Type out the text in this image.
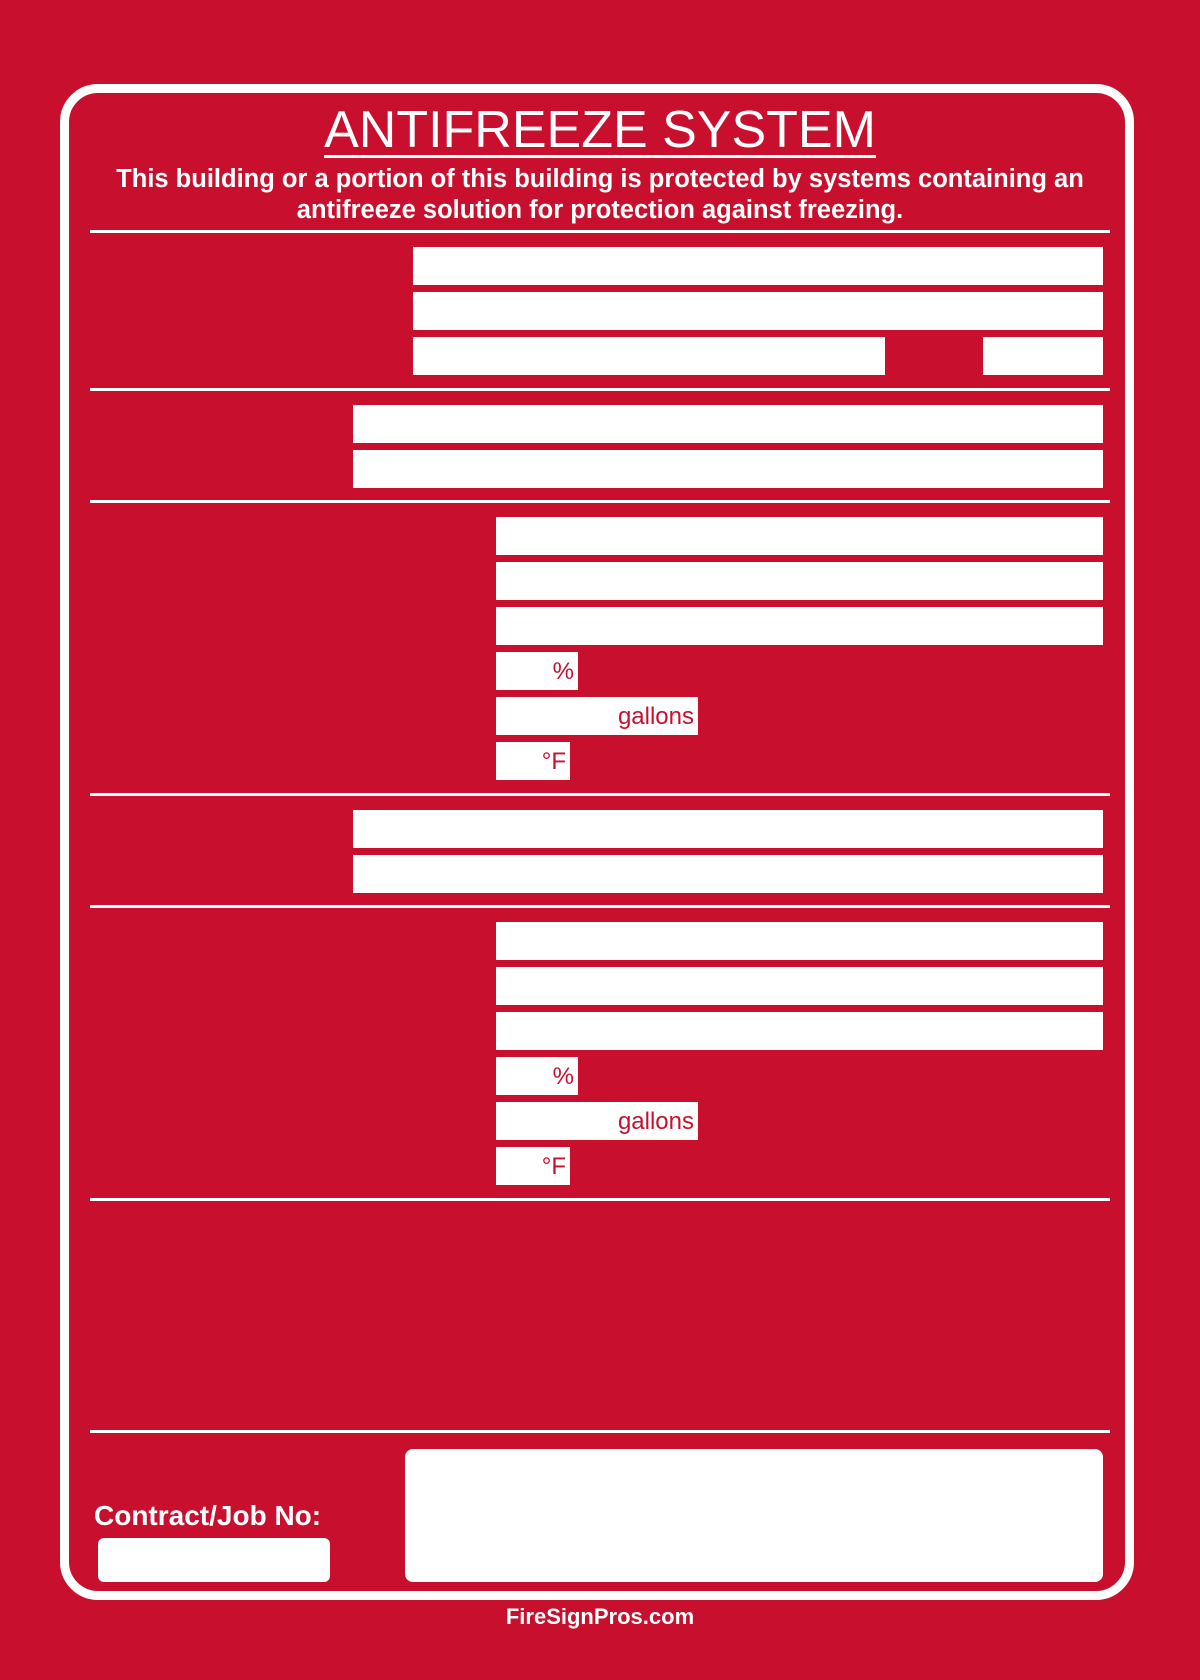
ANTIFREEZE SYSTEM
This building or a portion of this building is protected by systems containing an
antifreeze solution for protection against freezing.
%
gallons
°F
%
gallons
°F
Contract/Job No:
FireSignPros.com
